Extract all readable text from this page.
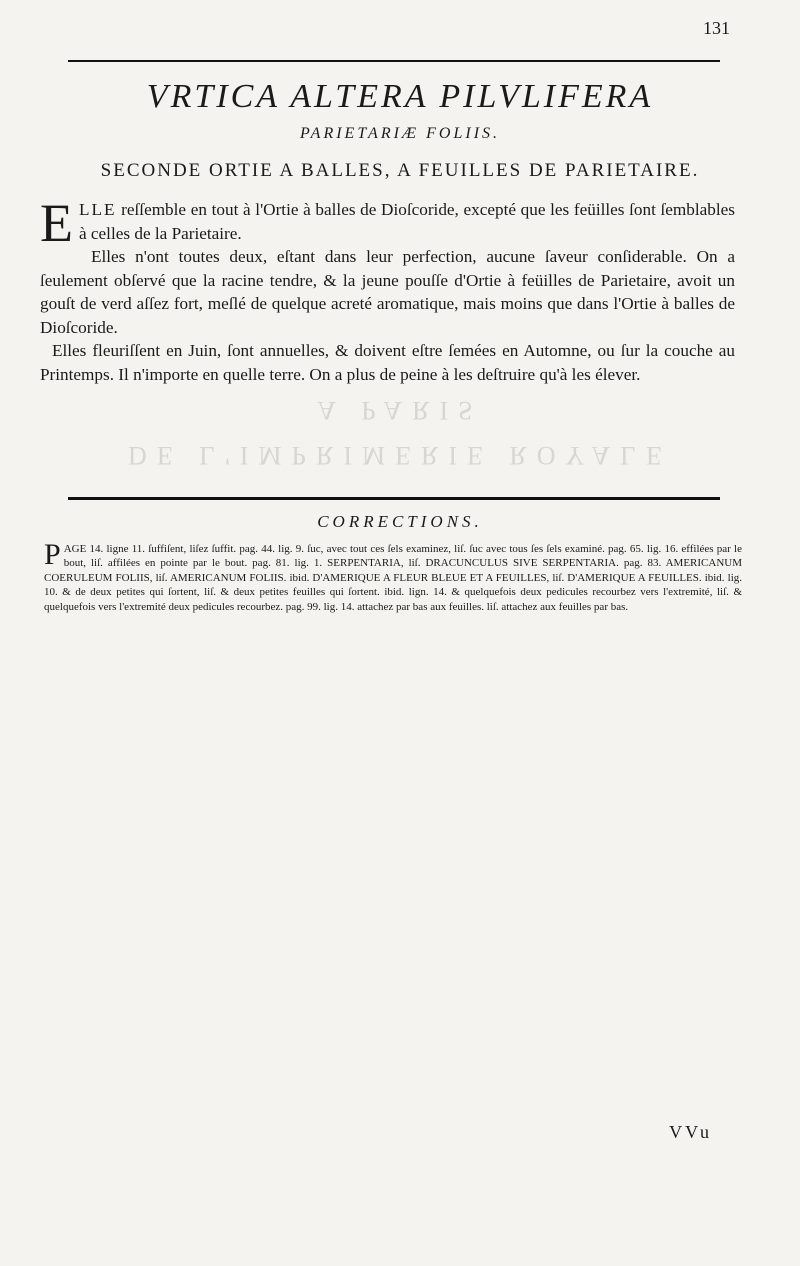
131
A PARIS
DE L'IMPRIMERIE ROYALE
VRTICA ALTERA PILVLIFERA
PARIETARIÆ FOLIIS.
SECONDE ORTIE A BALLES, A FEUILLES DE PARIETAIRE.

ELLE reſſemble en tout à l'Ortie à balles de Dioſcoride, excepté que les feüilles ſont ſemblables à celles de la Parietaire.

Elles n'ont toutes deux, eſtant dans leur perfection, aucune ſaveur conſiderable. On a ſeulement obſervé que la racine tendre, & la jeune pouſſe d'Ortie à feüilles de Parietaire, avoit un gouſt de verd aſſez fort, meſlé de quelque acreté aromatique, mais moins que dans l'Ortie à balles de Dioſcoride.

Elles fleuriſſent en Juin, ſont annuelles, & doivent eſtre ſemées en Automne, ou ſur la couche au Printemps. Il n'importe en quelle terre. On a plus de peine à les deſtruire qu'à les élever.

CORRECTIONS.
PAGE 14. ligne 11. ſuffiſent, liſez ſuffit. pag. 44. lig. 9. ſuc, avec tout ces ſels examinez, liſ. ſuc avec tous ſes ſels examiné. pag. 65. lig. 16. effilées par le bout, liſ. affilées en pointe par le bout. pag. 81. lig. 1. SERPENTARIA, liſ. DRACUNCULUS SIVE SERPENTARIA. pag. 83. AMERICANUM COERULEUM FOLIIS, liſ. AMERICANUM FOLIIS. ibid. D'AMERIQUE A FLEUR BLEUE ET A FEUILLES, liſ. D'AMERIQUE A FEUILLES. ibid. lig. 10. & de deux petites qui ſortent, liſ. & deux petites feuilles qui ſortent. ibid. lign. 14. & quelquefois deux pedicules recourbez vers l'extremité, liſ. & quelquefois vers l'extremité deux pedicules recourbez. pag. 99. lig. 14. attachez par bas aux feuilles. liſ. attachez aux feuilles par bas.
VVu
